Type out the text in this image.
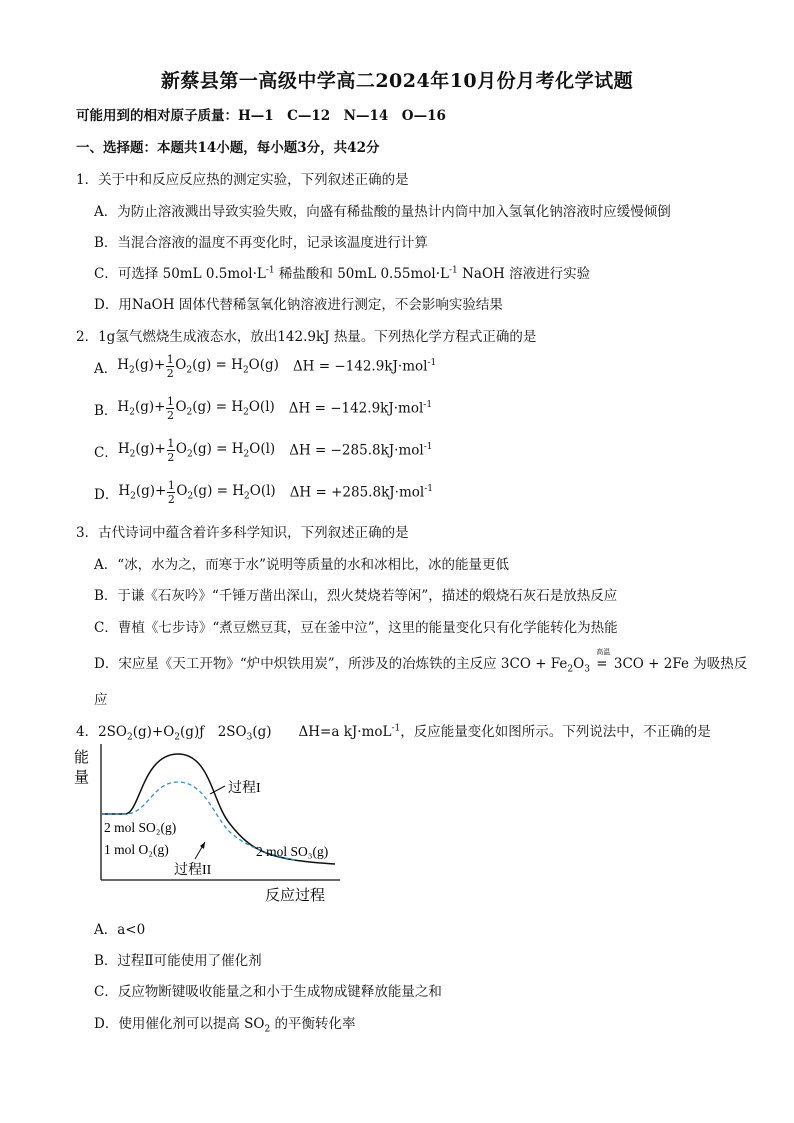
新蔡县第一高级中学高二2024年10月份月考化学试题
可能用到的相对原子质量：H—1　C—12　N—14　O—16
一、选择题：本题共14小题，每小题3分，共42分
1．关于中和反应反应热的测定实验，下列叙述正确的是
A．为防止溶液溅出导致实验失败，向盛有稀盐酸的量热计内筒中加入氢氧化钠溶液时应缓慢倾倒
B．当混合溶液的温度不再变化时，记录该温度进行计算
C．可选择 50mL $0.5mol\cdot L^{-1}$ 稀盐酸和 50mL $0.55mol\cdot L^{-1}$ NaOH 溶液进行实验
D．用NaOH 固体代替稀氢氧化钠溶液进行测定，不会影响实验结果
2．1g氢气燃烧生成液态水，放出142.9kJ 热量。下列热化学方程式正确的是
A． $H_2(g)+ \frac{1}{2} O_2(g) = H_2O(g) \Delta H = -142.9kJ\cdot mol^{-1}$
B． $H_2(g)+ \frac{1}{2} O_2(g) = H_2O(l) \Delta H = -142.9kJ\cdot mol^{-1}$
C． $H_2(g)+ \frac{1}{2} O_2(g) = H_2O(l) \Delta H = -285.8kJ\cdot mol^{-1}$
D． $H_2(g)+ \frac{1}{2} O_2(g) = H_2O(l) \Delta H = +285.8kJ\cdot mol^{-1}$
3．古代诗词中蕴含着许多科学知识，下列叙述正确的是
A．“冰，水为之，而寒于水”说明等质量的水和冰相比，冰的能量更低
B．于谦《石灰吟》“千锤万凿出深山，烈火焚烧若等闲”，描述的煅烧石灰石是放热反应
C．曹植《七步诗》“煮豆燃豆萁，豆在釜中泣”，这里的能量变化只有化学能转化为热能
D．宋应星《天工开物》“炉中炽铁用炭”，所涉及的冶炼铁的主反应 $3CO + Fe_2O_3$
高温
= 3CO + 2Fe 为吸热反
应
4．$2SO_2(g)+O_2(g)ƒ$　$2SO_3(g)$　　ΔH=a kJ·moL$^{-1}$，反应能量变化如图所示。下列说法中，不正确的是
能
量
反应过程
过程I
2 mol SO₂(g)
1 mol O₂(g)	2 mol SO₃(g)
过程II
A．a<0
B．过程Ⅱ可能使用了催化剂
C．反应物断键吸收能量之和小于生成物成键释放能量之和
D．使用催化剂可以提高 $SO_2$ 的平衡转化率
